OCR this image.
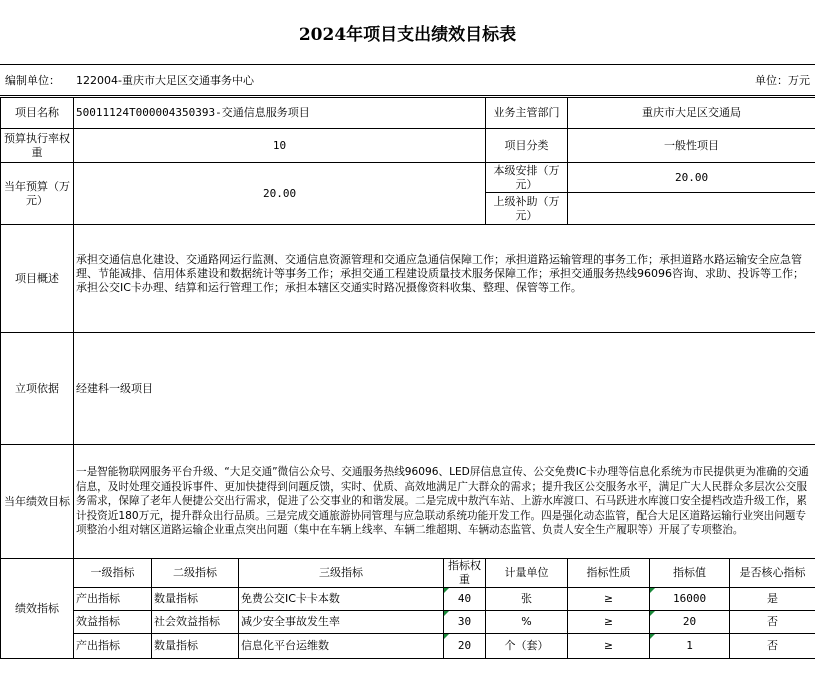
2024年项目支出绩效目标表
编制单位： 122004-重庆市大足区交通事务中心	单位：万元
项目名称	50011124T000004350393-交通信息服务项目				业务主管部门	重庆市大足区交通局		
预算执行率权重	10				项目分类	一般性项目		
当年预算（万元）	20.00				本级安排（万元）	20.00		
					上级补助（万元）			
项目概述	承担交通信息化建设、交通路网运行监测、交通信息资源管理和交通应急通信保障工作；承担道路运输管理的事务工作；承担道路水路运输安全应急管理、节能减排、信用体系建设和数据统计等事务工作；承担交通工程建设质量技术服务保障工作；承担交通服务热线96096咨询、求助、投诉等工作；承担公交IC卡办理、结算和运行管理工作；承担本辖区交通实时路况摄像资料收集、整理、保管等工作。							
立项依据	经建科一级项目							
当年绩效目标	一是智能物联网服务平台升级、“大足交通”微信公众号、交通服务热线96096、LED屏信息宣传、公交免费IC卡办理等信息化系统为市民提供更为准确的交通信息，及时处理交通投诉事件、更加快捷得到问题反馈，实时、优质、高效地满足广大群众的需求；提升我区公交服务水平，满足广大人民群众多层次公交服务需求，保障了老年人便捷公交出行需求，促进了公交事业的和谐发展。二是完成中敖汽车站、上游水库渡口、石马跃进水库渡口安全提档改造升级工作，累计投资近180万元，提升群众出行品质。三是完成交通旅游协同管理与应急联动系统功能开发工作。四是强化动态监管，配合大足区道路运输行业突出问题专项整治小组对辖区道路运输企业重点突出问题（集中在车辆上线率、车辆二维超期、车辆动态监管、负责人安全生产履职等）开展了专项整治。							
绩效指标	一级指标	二级指标	三级指标	指标权重	计量单位	指标性质	指标值	是否核心指标
	产出指标	数量指标	免费公交IC卡卡本数	40	张	≥	16000	是
	效益指标	社会效益指标	减少安全事故发生率	30	%	≥	20	否
	产出指标	数量指标	信息化平台运维数	20	个（套）	≥	1	否
